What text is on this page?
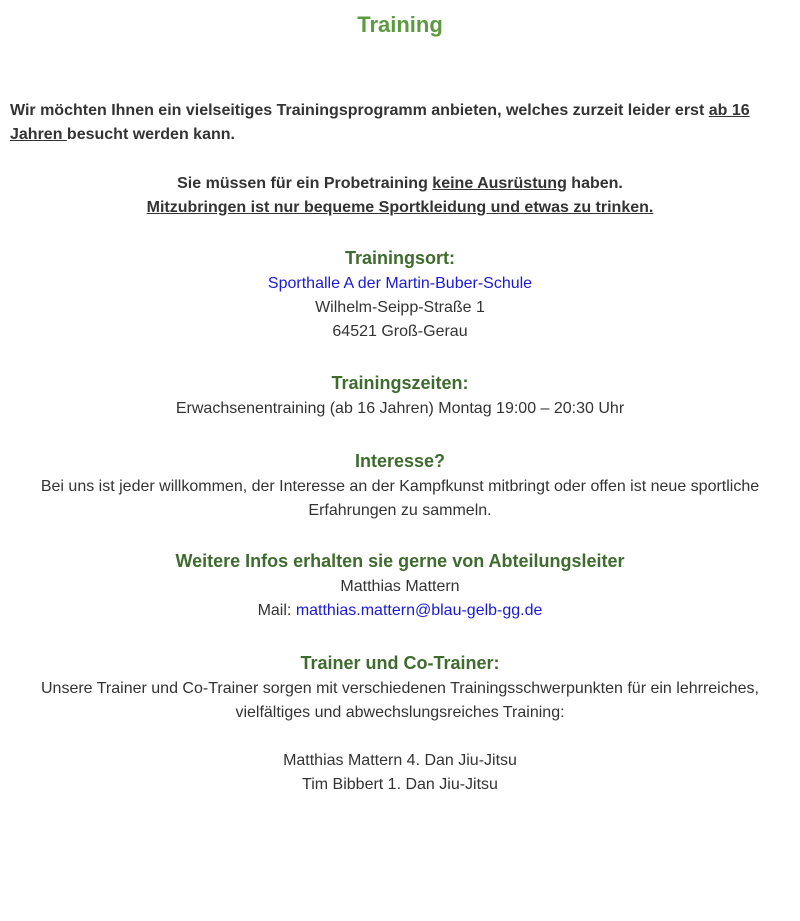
Training
Wir möchten Ihnen ein vielseitiges Trainingsprogramm anbieten, welches zurzeit leider erst ab 16 Jahren besucht werden kann.
Sie müssen für ein Probetraining keine Ausrüstung haben.
Mitzubringen ist nur bequeme Sportkleidung und etwas zu trinken.
Trainingsort:
Sporthalle A der Martin-Buber-Schule
Wilhelm-Seipp-Straße 1
64521 Groß-Gerau
Trainingszeiten:
Erwachsenentraining (ab 16 Jahren) Montag 19:00 – 20:30 Uhr
Interesse?
Bei uns ist jeder willkommen, der Interesse an der Kampfkunst mitbringt oder offen ist neue sportliche Erfahrungen zu sammeln.
Weitere Infos erhalten sie gerne von Abteilungsleiter
Matthias Mattern
Mail: matthias.mattern@blau-gelb-gg.de
Trainer und Co-Trainer:
Unsere Trainer und Co-Trainer sorgen mit verschiedenen Trainingsschwerpunkten für ein lehrreiches, vielfältiges und abwechslungsreiches Training:
Matthias Mattern 4. Dan Jiu-Jitsu
Tim Bibbert 1. Dan Jiu-Jitsu
